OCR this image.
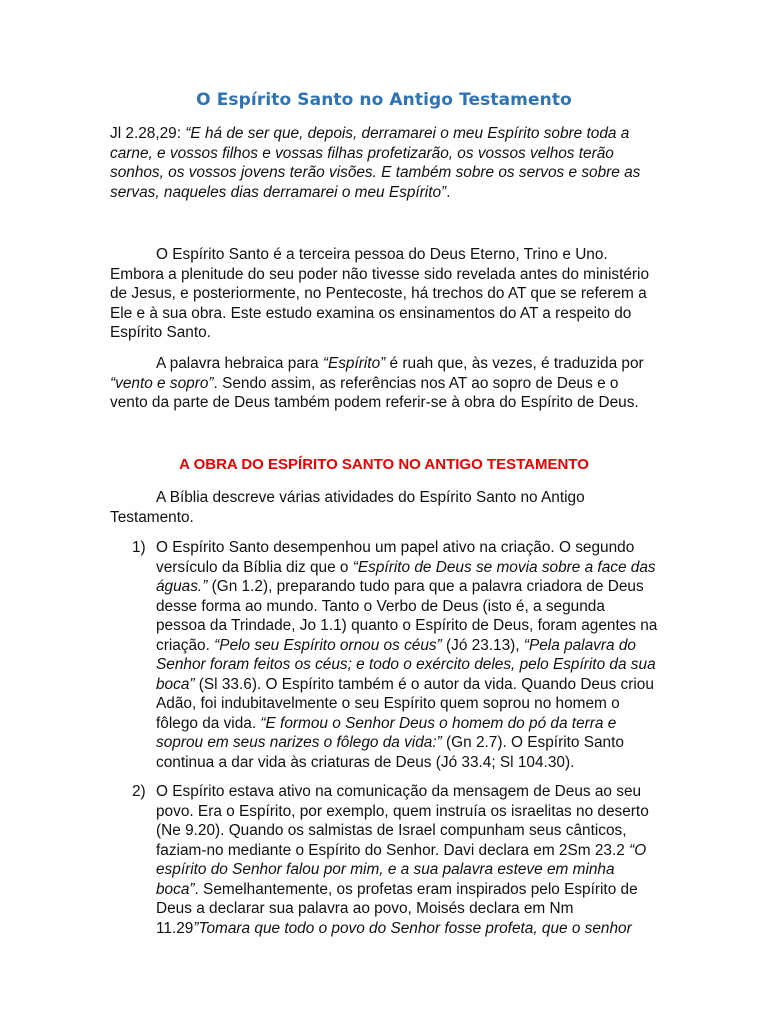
O Espírito Santo no Antigo Testamento

Jl 2.28,29: “E há de ser que, depois, derramarei o meu Espírito sobre toda a carne, e vossos filhos e vossas filhas profetizarão, os vossos velhos terão sonhos, os vossos jovens terão visões. E também sobre os servos e sobre as servas, naqueles dias derramarei o meu Espírito”.

O Espírito Santo é a terceira pessoa do Deus Eterno, Trino e Uno. Embora a plenitude do seu poder não tivesse sido revelada antes do ministério de Jesus, e posteriormente, no Pentecoste, há trechos do AT que se referem a Ele e à sua obra. Este estudo examina os ensinamentos do AT a respeito do Espírito Santo.

A palavra hebraica para “Espírito” é ruah que, às vezes, é traduzida por “vento e sopro”. Sendo assim, as referências nos AT ao sopro de Deus e o vento da parte de Deus também podem referir-se à obra do Espírito de Deus.

A OBRA DO ESPÍRITO SANTO NO ANTIGO TESTAMENTO

A Bíblia descreve várias atividades do Espírito Santo no Antigo Testamento.

1) O Espírito Santo desempenhou um papel ativo na criação. O segundo versículo da Bíblia diz que o “Espírito de Deus se movia sobre a face das águas.” (Gn 1.2), preparando tudo para que a palavra criadora de Deus desse forma ao mundo. Tanto o Verbo de Deus (isto é, a segunda pessoa da Trindade, Jo 1.1) quanto o Espírito de Deus, foram agentes na criação. “Pelo seu Espírito ornou os céus” (Jó 23.13), “Pela palavra do Senhor foram feitos os céus; e todo o exército deles, pelo Espírito da sua boca” (Sl 33.6). O Espírito também é o autor da vida. Quando Deus criou Adão, foi indubitavelmente o seu Espírito quem soprou no homem o fôlego da vida. “E formou o Senhor Deus o homem do pó da terra e soprou em seus narizes o fôlego da vida:” (Gn 2.7). O Espírito Santo continua a dar vida às criaturas de Deus (Jó 33.4; Sl 104.30).
2) O Espírito estava ativo na comunicação da mensagem de Deus ao seu povo. Era o Espírito, por exemplo, quem instruía os israelitas no deserto (Ne 9.20). Quando os salmistas de Israel compunham seus cânticos, faziam-no mediante o Espírito do Senhor. Davi declara em 2Sm 23.2 “O espírito do Senhor falou por mim, e a sua palavra esteve em minha boca”. Semelhantemente, os profetas eram inspirados pelo Espírito de Deus a declarar sua palavra ao povo, Moisés declara em Nm 11.29”Tomara que todo o povo do Senhor fosse profeta, que o senhor
